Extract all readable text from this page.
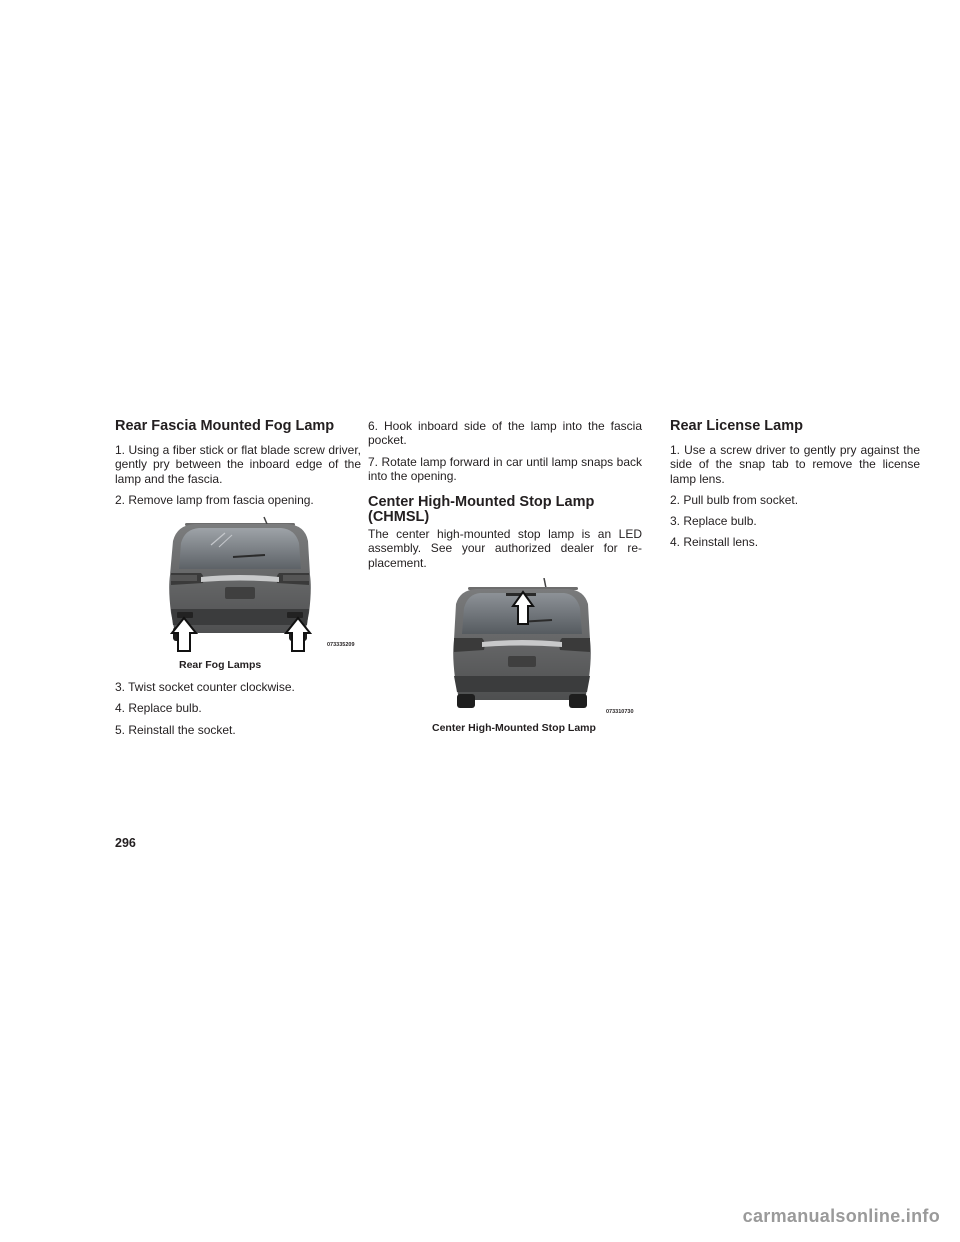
Rear Fascia Mounted Fog Lamp

1. Using a fiber stick or flat blade screw driver, gently pry between the inboard edge of the lamp and the fascia.

2. Remove lamp from fascia opening.

073335209
Rear Fog Lamps

3. Twist socket counter clockwise.

4. Replace bulb.

5. Reinstall the socket.

6. Hook inboard side of the lamp into the fascia pocket.

7. Rotate lamp forward in car until lamp snaps back into the opening.

Center High-Mounted Stop Lamp (CHMSL)

The center high-mounted stop lamp is an LED assembly. See your authorized dealer for re-placement.

073310730
Center High-Mounted Stop Lamp
Rear License Lamp

1. Use a screw driver to gently pry against the side of the snap tab to remove the license lamp lens.

2. Pull bulb from socket.

3. Replace bulb.

4. Reinstall lens.

296
carmanualsonline.info
